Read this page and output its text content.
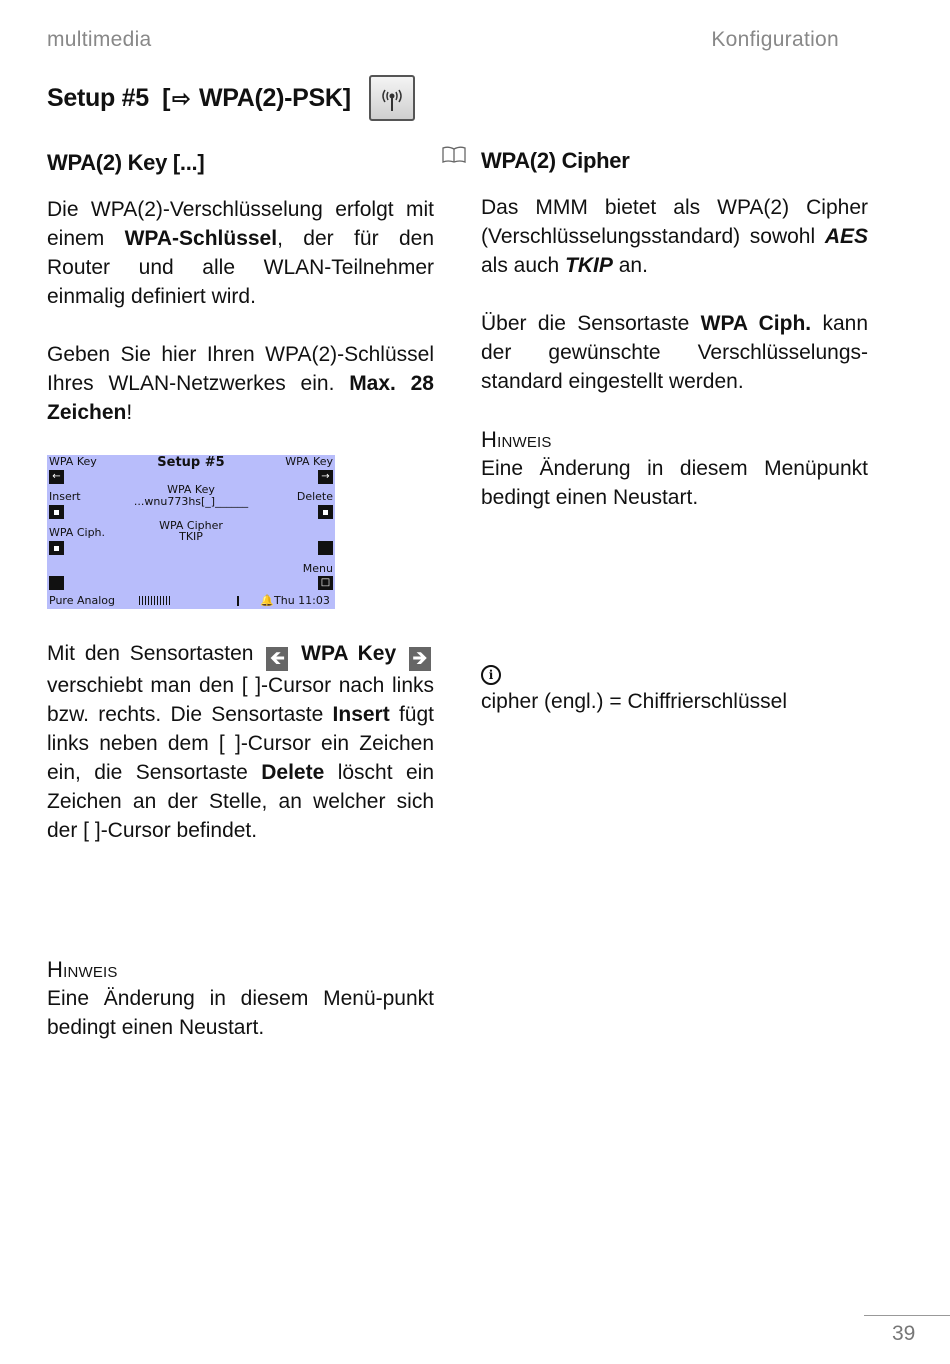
multimedia	Konfiguration
Setup #5 [⇨ WPA(2)-PSK]
WPA(2) Key [...]

Die WPA(2)-Verschlüsselung erfolgt mit einem WPA-Schlüssel, der für den Router und alle WLAN-Teilnehmer einmalig definiert wird.

Geben Sie hier Ihren WPA(2)-Schlüssel Ihres WLAN-Netzwerkes ein. Max. 28 Zeichen!

WPA Key	Setup #5	WPA Key
←	→
Insert
WPA Key
...wnu773hs[_]______	Delete
WPA Ciph.
WPA Cipher
TKIP
Menu
□
Pure Analog	🔔 Thu 11:03

Mit den Sensortasten 🡸 WPA Key 🡺 verschiebt man den [ ]-Cursor nach links bzw. rechts. Die Sensortaste Insert fügt links neben dem [ ]-Cursor ein Zeichen ein, die Sensortaste Delete löscht ein Zeichen an der Stelle, an welcher sich der [ ]-Cursor befindet.

Hinweis

Eine Änderung in diesem Menü-punkt bedingt einen Neustart.

WPA(2) Cipher

Das MMM bietet als WPA(2) Cipher (Verschlüsselungsstandard) sowohl AES als auch TKIP an.

Über die Sensortaste WPA Ciph. kann der gewünschte Verschlüsselungs-standard eingestellt werden.

Hinweis

Eine Änderung in diesem Menüpunkt bedingt einen Neustart.

i
cipher (engl.) = Chiffrierschlüssel
39
